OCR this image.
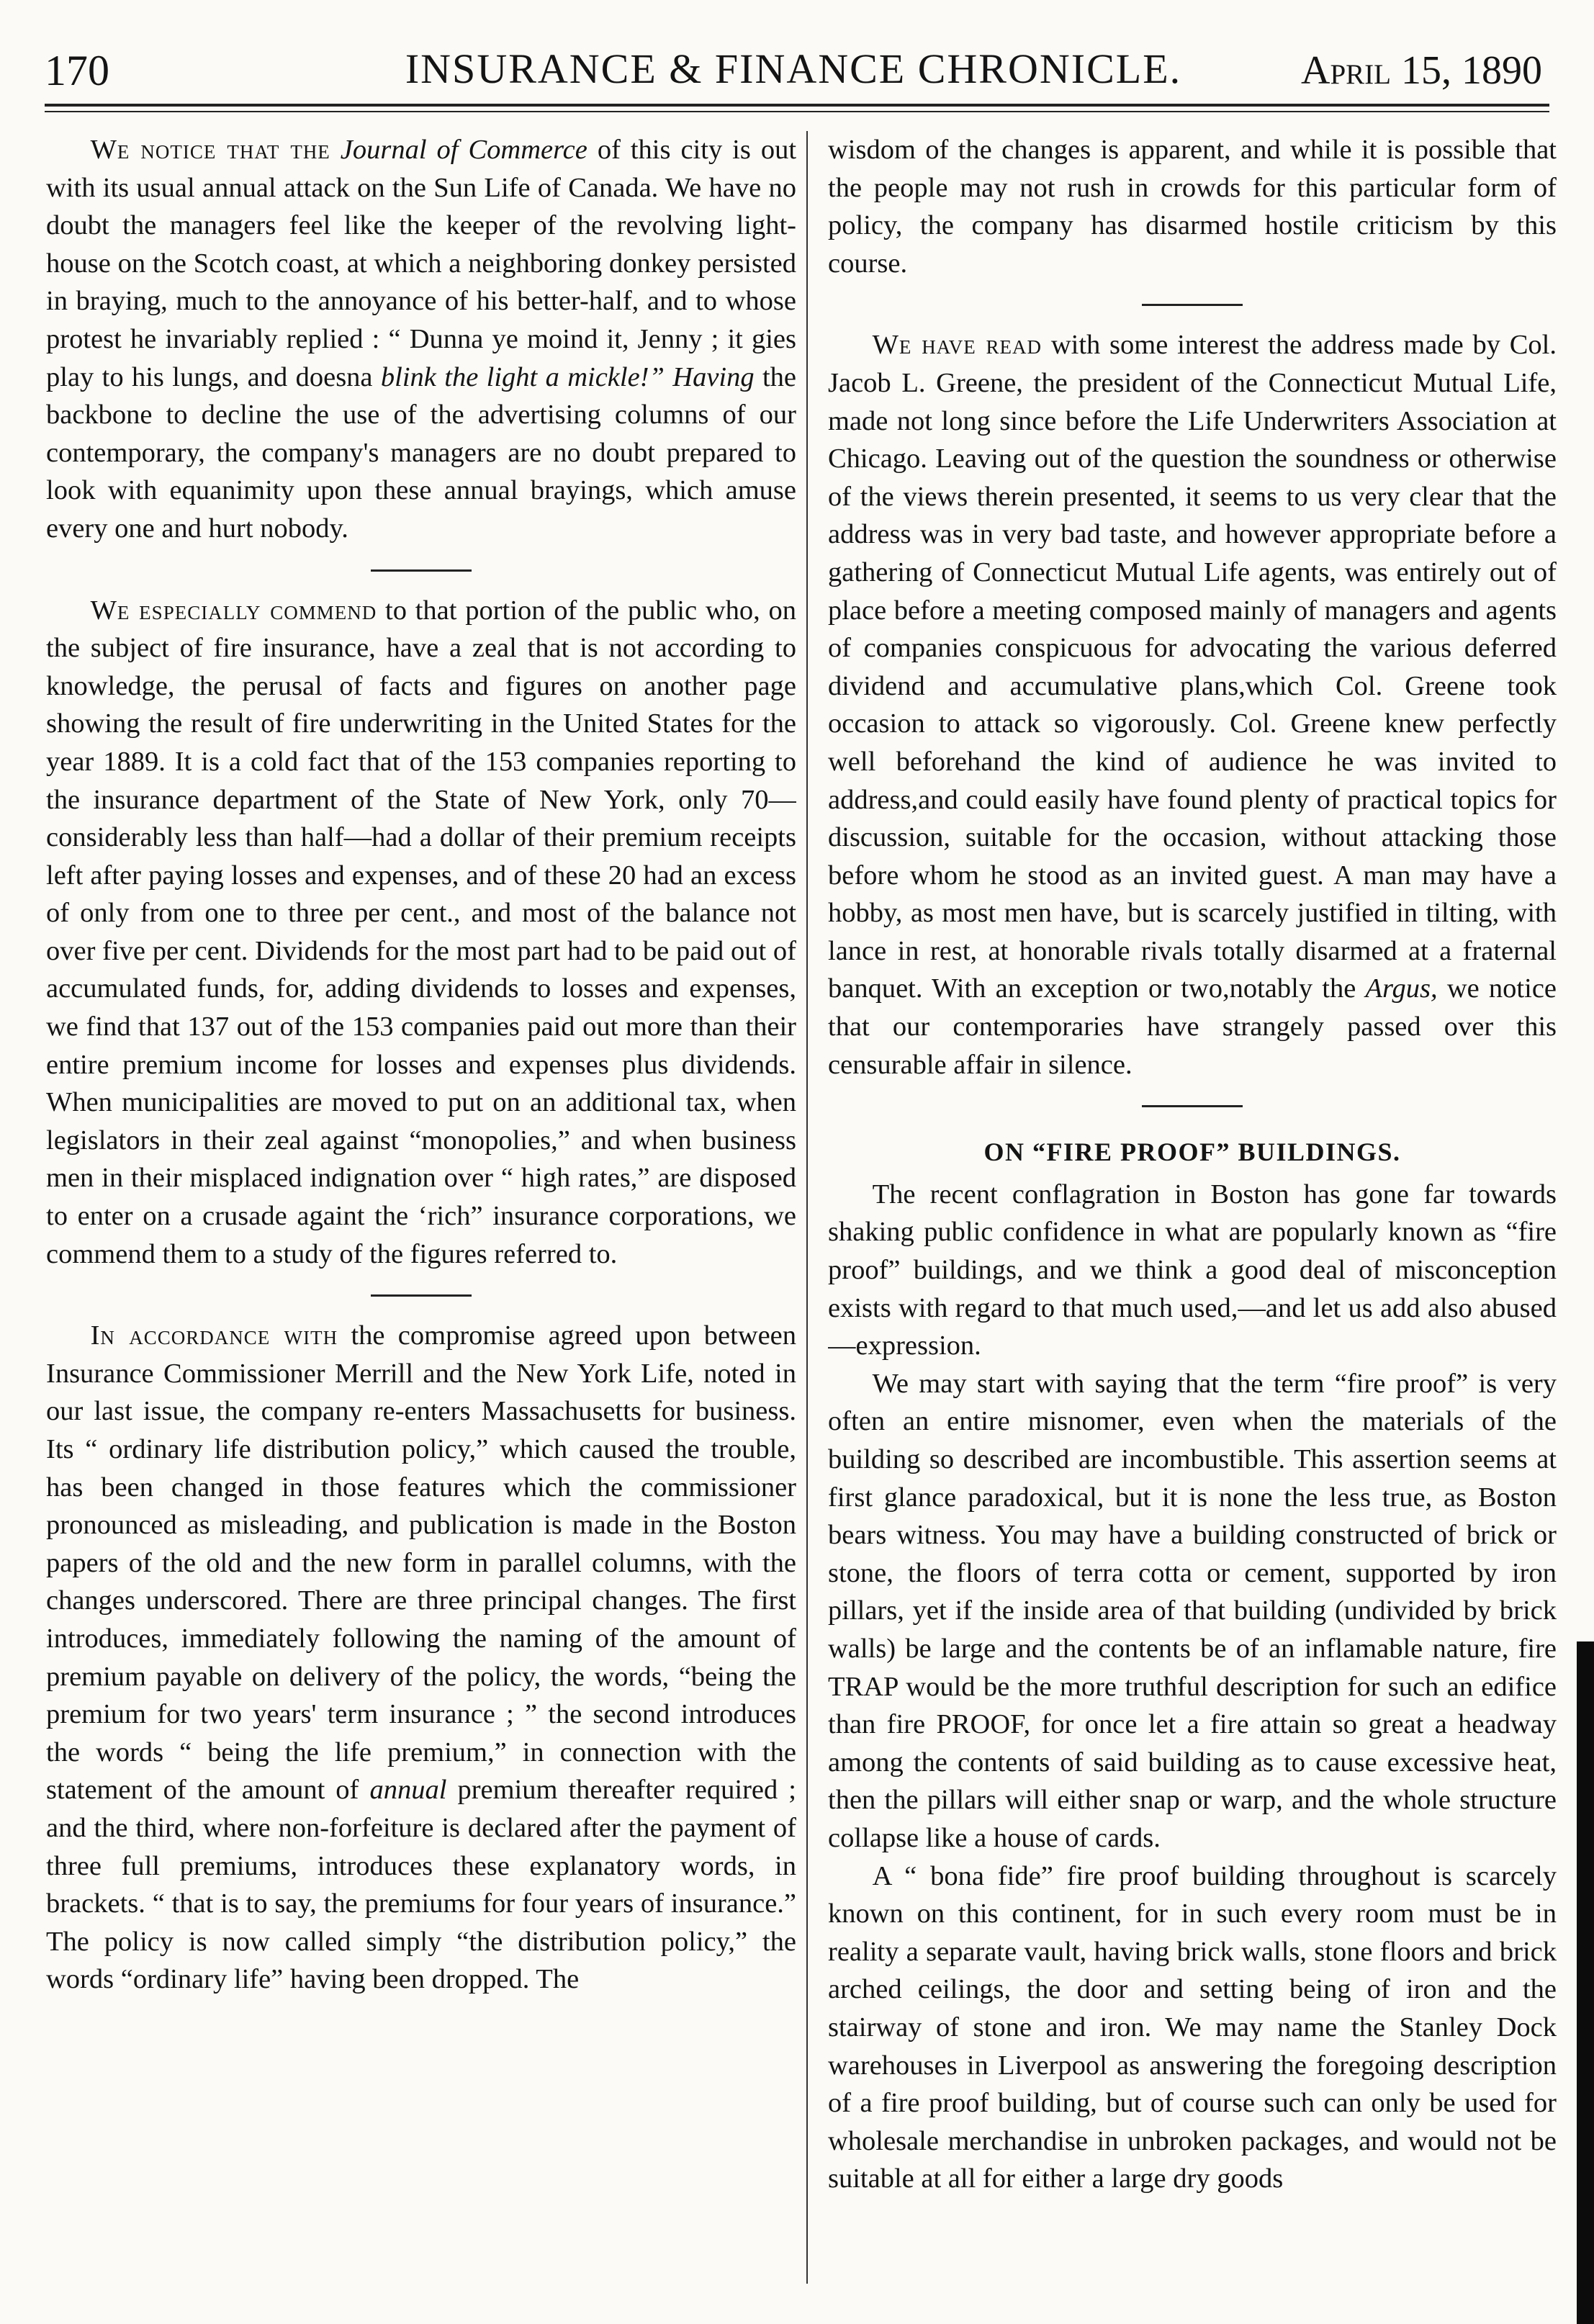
170	INSURANCE & FINANCE CHRONICLE.	April 15, 1890

We notice that the Journal of Commerce of this city is out with its usual annual attack on the Sun Life of Canada. We have no doubt the managers feel like the keeper of the revolving light-house on the Scotch coast, at which a neighboring donkey persisted in braying, much to the annoyance of his better-half, and to whose protest he invariably replied : “ Dunna ye moind it, Jenny ; it gies play to his lungs, and doesna blink the light a mickle!” Having the backbone to decline the use of the advertising columns of our contemporary, the company's managers are no doubt prepared to look with equanimity upon these annual brayings, which amuse every one and hurt nobody.

We especially commend to that portion of the public who, on the subject of fire insurance, have a zeal that is not according to knowledge, the perusal of facts and figures on another page showing the result of fire underwriting in the United States for the year 1889. It is a cold fact that of the 153 companies reporting to the insurance department of the State of New York, only 70—considerably less than half—had a dollar of their premium receipts left after paying losses and expenses, and of these 20 had an excess of only from one to three per cent., and most of the balance not over five per cent. Dividends for the most part had to be paid out of accumulated funds, for, adding dividends to losses and expenses, we find that 137 out of the 153 companies paid out more than their entire premium income for losses and expenses plus dividends. When municipalities are moved to put on an additional tax, when legislators in their zeal against “monopolies,” and when business men in their misplaced indignation over “ high rates,” are disposed to enter on a crusade againt the ‘rich” insurance corporations, we commend them to a study of the figures referred to.

In accordance with the compromise agreed upon between Insurance Commissioner Merrill and the New York Life, noted in our last issue, the company re-enters Massachusetts for business. Its “ ordinary life distribution policy,” which caused the trouble, has been changed in those features which the commissioner pronounced as misleading, and publication is made in the Boston papers of the old and the new form in parallel columns, with the changes underscored. There are three principal changes. The first introduces, immediately following the naming of the amount of premium payable on delivery of the policy, the words, “being the premium for two years' term insurance ; ” the second introduces the words “ being the life premium,” in connection with the statement of the amount of annual premium thereafter required ; and the third, where non-forfeiture is declared after the payment of three full premiums, introduces these explanatory words, in brackets. “ that is to say, the premiums for four years of insurance.” The policy is now called simply “the distribution policy,” the words “ordinary life” having been dropped. The

wisdom of the changes is apparent, and while it is possible that the people may not rush in crowds for this particular form of policy, the company has disarmed hostile criticism by this course.

We have read with some interest the address made by Col. Jacob L. Greene, the president of the Connecticut Mutual Life, made not long since before the Life Underwriters Association at Chicago. Leaving out of the question the soundness or otherwise of the views therein presented, it seems to us very clear that the address was in very bad taste, and however appropriate before a gathering of Connecticut Mutual Life agents, was entirely out of place before a meeting composed mainly of managers and agents of companies conspicuous for advocating the various deferred dividend and accumulative plans,which Col. Greene took occasion to attack so vigorously. Col. Greene knew perfectly well beforehand the kind of audience he was invited to address,and could easily have found plenty of practical topics for discussion, suitable for the occasion, without attacking those before whom he stood as an invited guest. A man may have a hobby, as most men have, but is scarcely justified in tilting, with lance in rest, at honorable rivals totally disarmed at a fraternal banquet. With an exception or two,notably the Argus, we notice that our contemporaries have strangely passed over this censurable affair in silence.

ON “FIRE PROOF” BUILDINGS.

The recent conflagration in Boston has gone far towards shaking public confidence in what are popularly known as “fire proof” buildings, and we think a good deal of misconception exists with regard to that much used,—and let us add also abused—expression.

We may start with saying that the term “fire proof” is very often an entire misnomer, even when the materials of the building so described are incombustible. This assertion seems at first glance paradoxical, but it is none the less true, as Boston bears witness. You may have a building constructed of brick or stone, the floors of terra cotta or cement, supported by iron pillars, yet if the inside area of that building (undivided by brick walls) be large and the contents be of an inflamable nature, fire TRAP would be the more truthful description for such an edifice than fire PROOF, for once let a fire attain so great a headway among the contents of said building as to cause excessive heat, then the pillars will either snap or warp, and the whole structure collapse like a house of cards.

A “ bona fide” fire proof building throughout is scarcely known on this continent, for in such every room must be in reality a separate vault, having brick walls, stone floors and brick arched ceilings, the door and setting being of iron and the stairway of stone and iron. We may name the Stanley Dock warehouses in Liverpool as answering the foregoing description of a fire proof building, but of course such can only be used for wholesale merchandise in unbroken packages, and would not be suitable at all for either a large dry goods
